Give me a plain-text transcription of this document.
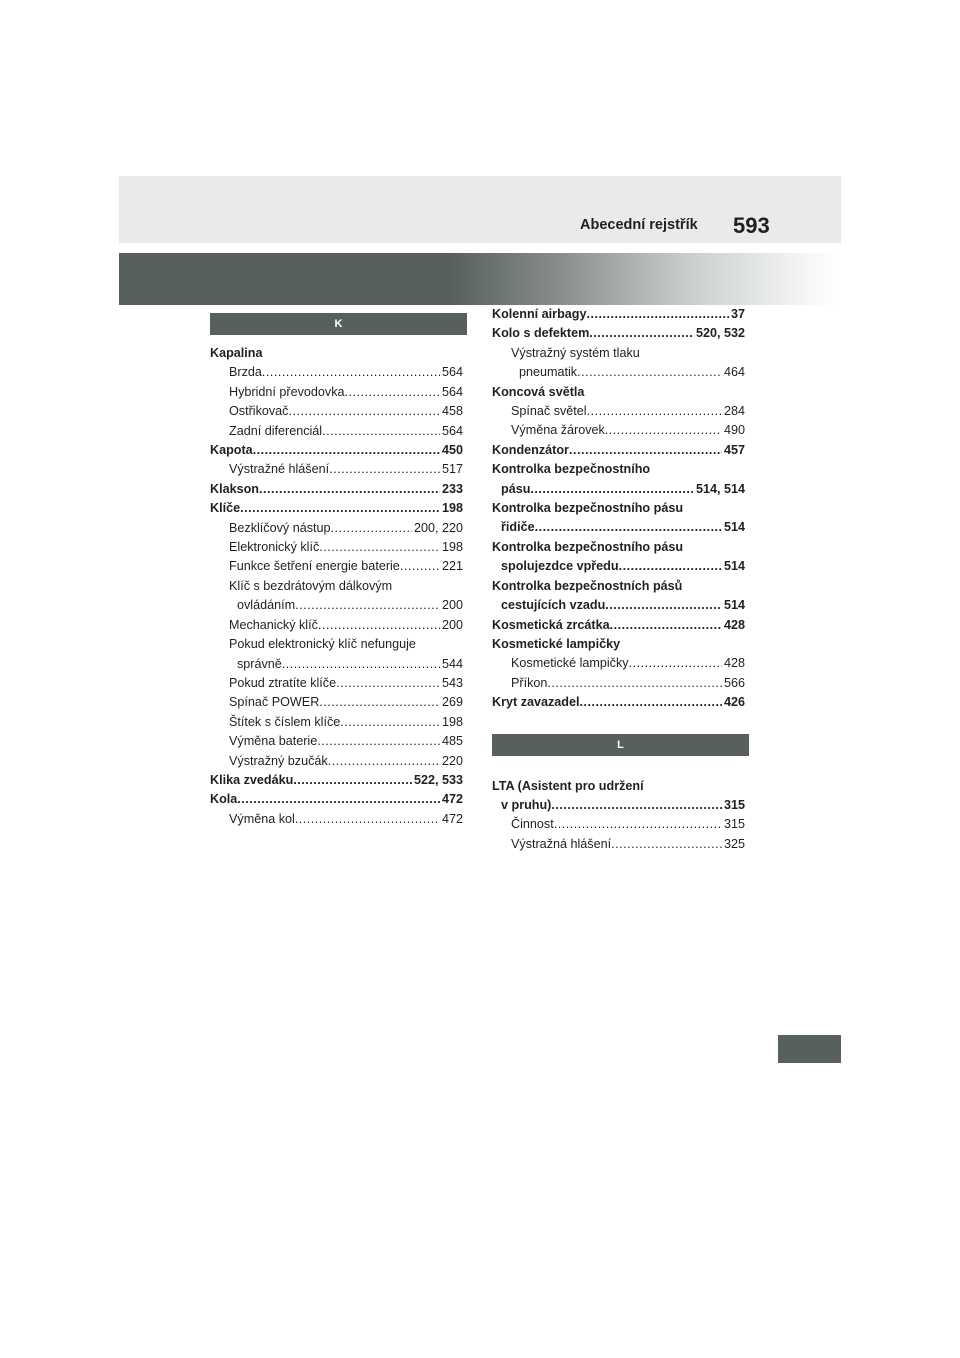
Abecední rejstřík 593
K
Kapalina
Brzda .....	564
Hybridní převodovka .....	564
Ostřikovač .....	458
Zadní diferenciál .....	564
Kapota .....	450
Výstražné hlášení .....	517
Klakson .....	233
Klíče .....	198
Bezklíčový nástup .....	200, 220
Elektronický klíč .....	198
Funkce šetření energie baterie .....	221
Klíč s bezdrátovým dálkovým
ovládáním .....	200
Mechanický klíč .....	200
Pokud elektronický klíč nefunguje
správně .....	544
Pokud ztratíte klíče .....	543
Spínač POWER .....	269
Štítek s číslem klíče .....	198
Výměna baterie .....	485
Výstražný bzučák .....	220
Klika zvedáku .....	522, 533
Kola .....	472
Výměna kol .....	472
Kolenní airbagy .....	37
Kolo s defektem .....	520, 532
Výstražný systém tlaku
pneumatik .....	464
Koncová světla
Spínač světel .....	284
Výměna žárovek .....	490
Kondenzátor .....	457
Kontrolka bezpečnostního
pásu .....	514, 514
Kontrolka bezpečnostního pásu
řidiče .....	514
Kontrolka bezpečnostního pásu
spolujezdce vpředu .....	514
Kontrolka bezpečnostních pásů
cestujících vzadu .....	514
Kosmetická zrcátka .....	428
Kosmetické lampičky
Kosmetické lampičky .....	428
Příkon .....	566
Kryt zavazadel .....	426
L
LTA (Asistent pro udržení
v pruhu) .....	315
Činnost .....	315
Výstražná hlášení .....	325
